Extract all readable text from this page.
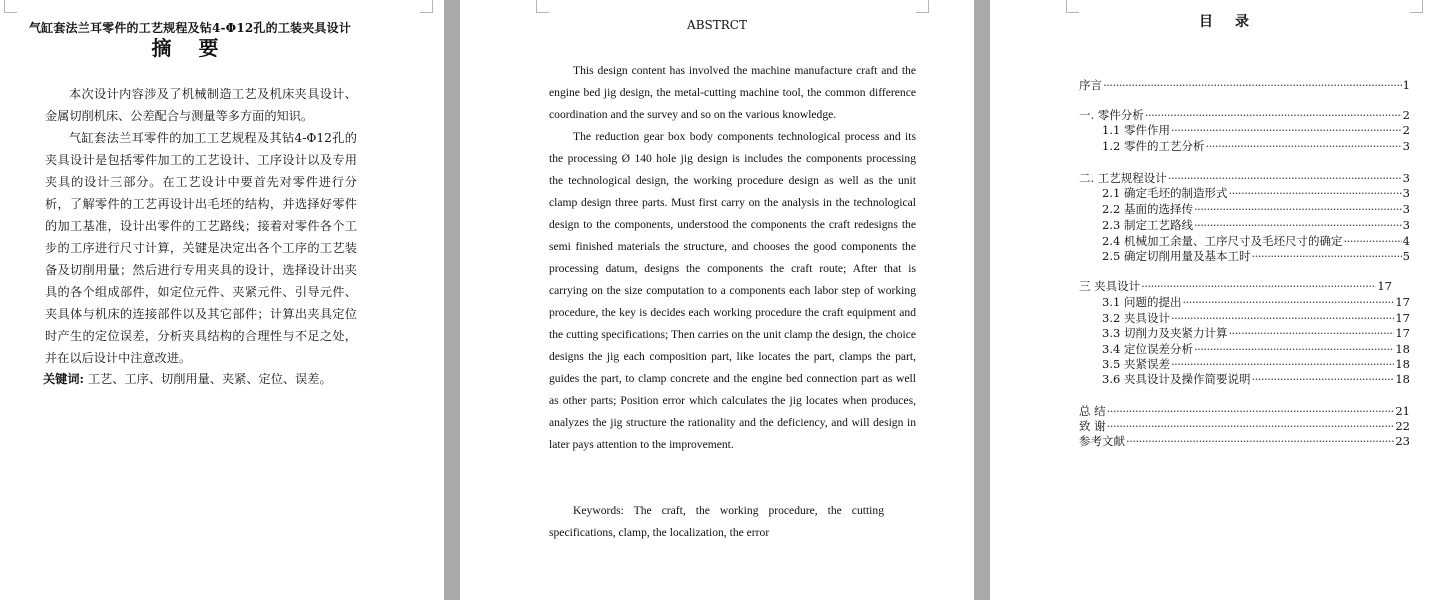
气缸套法兰耳零件的工艺规程及钻4-Φ12孔的工装夹具设计
摘 要

本次设计内容涉及了机械制造工艺及机床夹具设计、金属切削机床、公差配合与测量等多方面的知识。

气缸套法兰耳零件的加工工艺规程及其钻4-Φ12孔的夹具设计是包括零件加工的工艺设计、工序设计以及专用夹具的设计三部分。在工艺设计中要首先对零件进行分析，了解零件的工艺再设计出毛坯的结构，并选择好零件的加工基准，设计出零件的工艺路线；接着对零件各个工步的工序进行尺寸计算，关键是决定出各个工序的工艺装备及切削用量；然后进行专用夹具的设计，选择设计出夹具的各个组成部件，如定位元件、夹紧元件、引导元件、夹具体与机床的连接部件以及其它部件；计算出夹具定位时产生的定位误差，分析夹具结构的合理性与不足之处，并在以后设计中注意改进。

关键词: 工艺、工序、切削用量、夹紧、定位、误差。
ABSTRCT

This design content has involved the machine manufacture craft and the engine bed jig design, the metal-cutting machine tool, the common difference coordination and the survey and so on the various knowledge.

The reduction gear box body components technological process and its the processing Ø 140 hole jig design is includes the components processing the technological design, the working procedure design as well as the unit clamp design three parts. Must first carry on the analysis in the technological design to the components, understood the components the craft redesigns the semi finished materials the structure, and chooses the good components the processing datum, designs the components the craft route; After that is carrying on the size computation to a components each labor step of working procedure, the key is decides each working procedure the craft equipment and the cutting specifications; Then carries on the unit clamp the design, the choice designs the jig each composition part, like locates the part, clamps the part, guides the part, to clamp concrete and the engine bed connection part as well as other parts; Position error which calculates the jig locates when produces, analyzes the jig structure the rationality and the deficiency, and will design in later pays attention to the improvement.

Keywords: The craft, the working procedure, the cutting specifications, clamp, the localization, the error
目录
序言 ·····	1
一. 零件分析 ·····	2
1.1 零件作用 ·····	2
1.2 零件的工艺分析 ·····	3
二. 工艺规程设计 ·····	3
2.1 确定毛坯的制造形式 ·····	3
2.2 基面的选择传 ·····	3
2.3 制定工艺路线 ·····	3
2.4 机械加工余量、工序尺寸及毛坯尺寸的确定 ·····	4
2.5 确定切削用量及基本工时 ·····	5
三 夹具设计 ·····	17
3.1 问题的提出 ·····	17
3.2 夹具设计 ·····	17
3.3 切削力及夹紧力计算 ·····	17
3.4 定位误差分析 ·····	18
3.5 夹紧误差 ·····	18
3.6 夹具设计及操作简要说明 ·····	18
总 结 ·····	21
致 谢 ·····	22
参考文献 ·····	23
